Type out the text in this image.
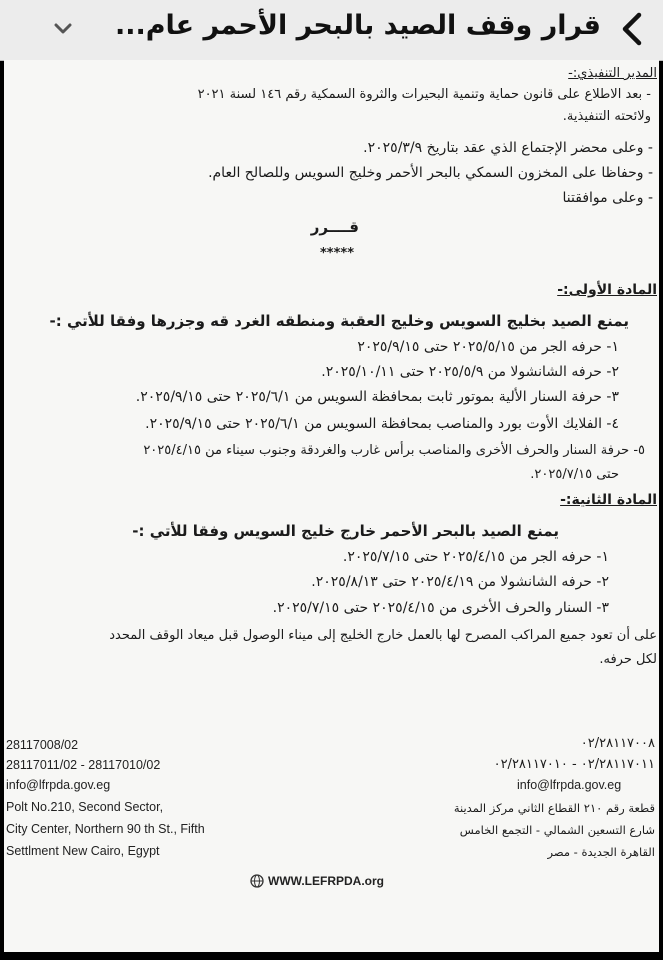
قرار وقف الصيد بالبحر الأحمر عام...
المدير التنفيذي:-
- بعد الاطلاع على قانون حماية وتنمية البحيرات والثروة السمكية رقم ١٤٦ لسنة ٢٠٢١
ولائحته التنفيذية.
- وعلى محضر الإجتماع الذي عقد بتاريخ ٢٠٢٥/٣/٩.
- وحفاظا على المخزون السمكي بالبحر الأحمر وخليج السويس وللصالح العام.
- وعلى موافقتنا
قــــرر
*****
المادة الأولى:-
يمنع الصيد بخليج السويس وخليج العقبة ومنطقه الغرد قه وجزرها وفقا للأتي :-
١- حرفه الجر من ٢٠٢٥/٥/١٥ حتى ٢٠٢٥/٩/١٥
٢- حرفه الشانشولا من ٢٠٢٥/٥/٩ حتى ٢٠٢٥/١٠/١١.
٣- حرفة السنار الألية بموتور ثابت بمحافظة السويس من ٢٠٢٥/٦/١ حتى ٢٠٢٥/٩/١٥.
٤- الفلايك الأوت بورد والمناصب بمحافظة السويس من ٢٠٢٥/٦/١ حتى ٢٠٢٥/٩/١٥.
٥- حرفة السنار والحرف الأخرى والمناصب برأس غارب والغردقة وجنوب سيناء من ٢٠٢٥/٤/١٥
حتى ٢٠٢٥/٧/١٥.
المادة الثانية:-
يمنع الصيد بالبحر الأحمر خارج خليج السويس وفقا للأتي :-
١- حرفه الجر من ٢٠٢٥/٤/١٥ حتى ٢٠٢٥/٧/١٥.
٢- حرفه الشانشولا من ٢٠٢٥/٤/١٩ حتى ٢٠٢٥/٨/١٣.
٣- السنار والحرف الأخرى من ٢٠٢٥/٤/١٥ حتى ٢٠٢٥/٧/١٥.
على أن تعود جميع المراكب المصرح لها بالعمل خارج الخليج إلى ميناء الوصول قبل ميعاد الوقف المحدد
لكل حرفه.
28117008/02
28117011/02 - 28117010/02
info@lfrpda.gov.eg
Polt No.210, Second Sector,
City Center, Northern 90 th St., Fifth
Settlment New Cairo, Egypt
٠٢/٢٨١١٧٠٠٨
٠٢/٢٨١١٧٠١١ - ٠٢/٢٨١١٧٠١٠
info@lfrpda.gov.eg
قطعة رقم ٢١٠ القطاع الثاني مركز المدينة
شارع التسعين الشمالي - التجمع الخامس
القاهرة الجديدة - مصر
WWW.LEFRPDA.org
